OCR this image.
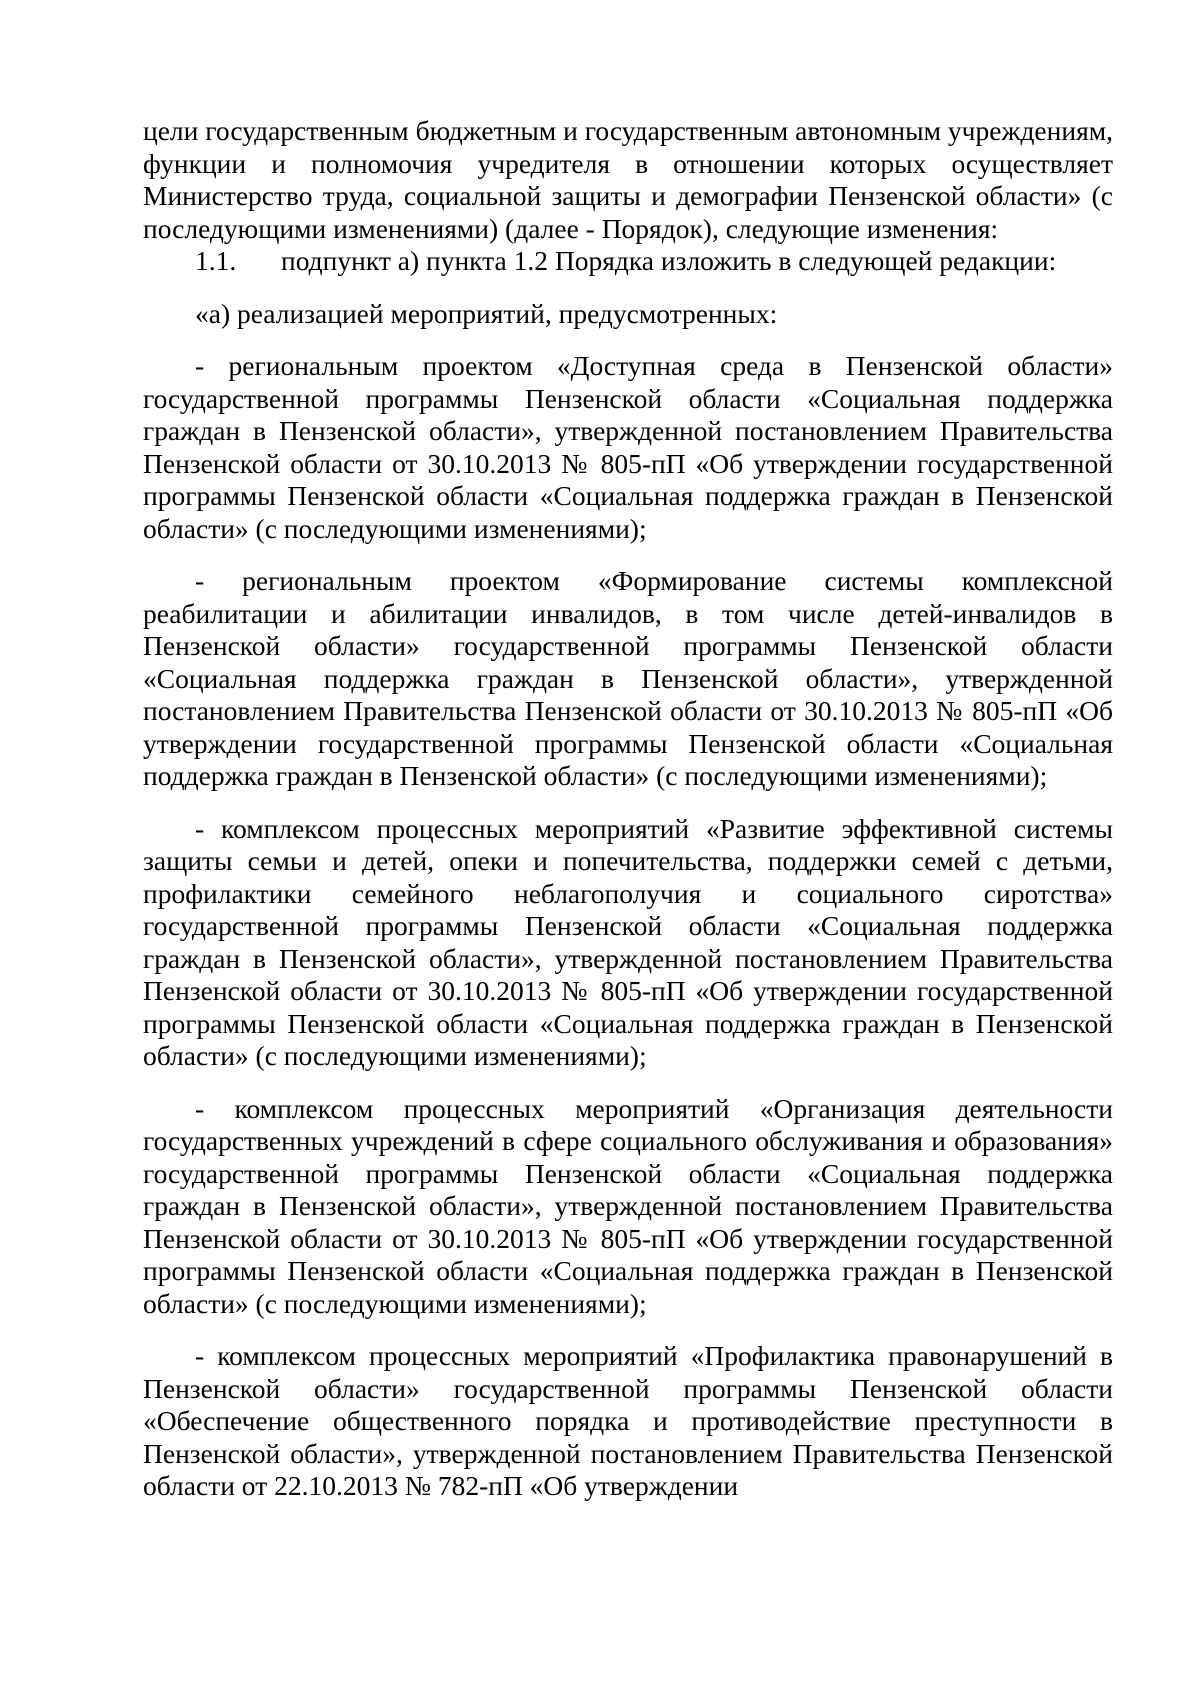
цели государственным бюджетным и государственным автономным учреждениям, функции и полномочия учредителя в отношении которых осуществляет Министерство труда, социальной защиты и демографии Пензенской области» (с последующими изменениями) (далее - Порядок), следующие изменения:

1.1. подпункт а) пункта 1.2 Порядка изложить в следующей редакции:

«а) реализацией мероприятий, предусмотренных:

- региональным проектом «Доступная среда в Пензенской области» государственной программы Пензенской области «Социальная поддержка граждан в Пензенской области», утвержденной постановлением Правительства Пензенской области от 30.10.2013 № 805-пП «Об утверждении государственной программы Пензенской области «Социальная поддержка граждан в Пензенской области» (с последующими изменениями);

- региональным проектом «Формирование системы комплексной реабилитации и абилитации инвалидов, в том числе детей-инвалидов в Пензенской области» государственной программы Пензенской области «Социальная поддержка граждан в Пензенской области», утвержденной постановлением Правительства Пензенской области от 30.10.2013 № 805-пП «Об утверждении государственной программы Пензенской области «Социальная поддержка граждан в Пензенской области» (с последующими изменениями);

- комплексом процессных мероприятий «Развитие эффективной системы защиты семьи и детей, опеки и попечительства, поддержки семей с детьми, профилактики семейного неблагополучия и социального сиротства» государственной программы Пензенской области «Социальная поддержка граждан в Пензенской области», утвержденной постановлением Правительства Пензенской области от 30.10.2013 № 805-пП «Об утверждении государственной программы Пензенской области «Социальная поддержка граждан в Пензенской области» (с последующими изменениями);

- комплексом процессных мероприятий «Организация деятельности государственных учреждений в сфере социального обслуживания и образования» государственной программы Пензенской области «Социальная поддержка граждан в Пензенской области», утвержденной постановлением Правительства Пензенской области от 30.10.2013 № 805-пП «Об утверждении государственной программы Пензенской области «Социальная поддержка граждан в Пензенской области» (с последующими изменениями);

- комплексом процессных мероприятий «Профилактика правонарушений в Пензенской области» государственной программы Пензенской области «Обеспечение общественного порядка и противодействие преступности в Пензенской области», утвержденной постановлением Правительства Пензенской области от 22.10.2013 № 782-пП «Об утверждении
